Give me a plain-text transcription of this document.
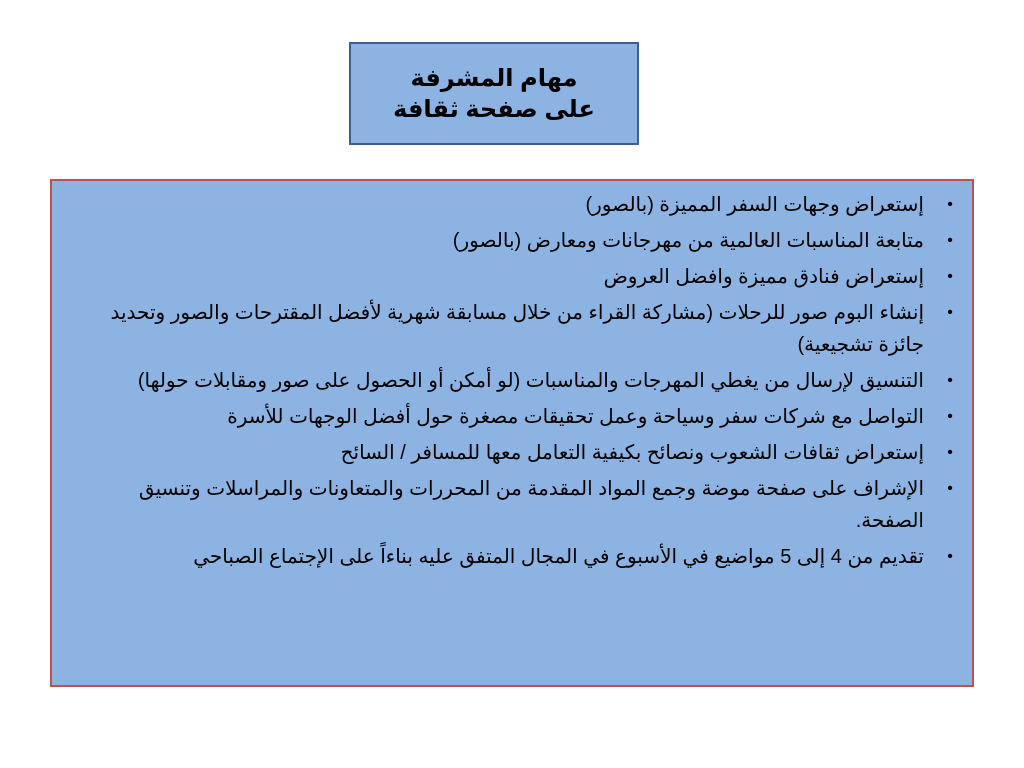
مهام المشرفة على صفحة ثقافة
•
إستعراض وجهات السفر المميزة (بالصور)
•
متابعة المناسبات العالمية من مهرجانات ومعارض (بالصور)
•
إستعراض فنادق مميزة وافضل العروض
•
إنشاء البوم صور للرحلات (مشاركة القراء من خلال مسابقة شهرية لأفضل المقترحات والصور وتحديد جائزة تشجيعية)
•
التنسيق لإرسال من يغطي المهرجات والمناسبات (لو أمكن أو الحصول على صور ومقابلات حولها)
•
التواصل مع شركات سفر وسياحة وعمل تحقيقات مصغرة حول أفضل الوجهات للأسرة
•
إستعراض ثقافات الشعوب ونصائح بكيفية التعامل معها للمسافر / السائح
•
الإشراف على صفحة موضة وجمع المواد المقدمة من المحررات والمتعاونات والمراسلات وتنسيق الصفحة.
•
تقديم من 4 إلى 5 مواضيع في الأسبوع في المجال المتفق عليه بناءاً على الإجتماع الصباحي
